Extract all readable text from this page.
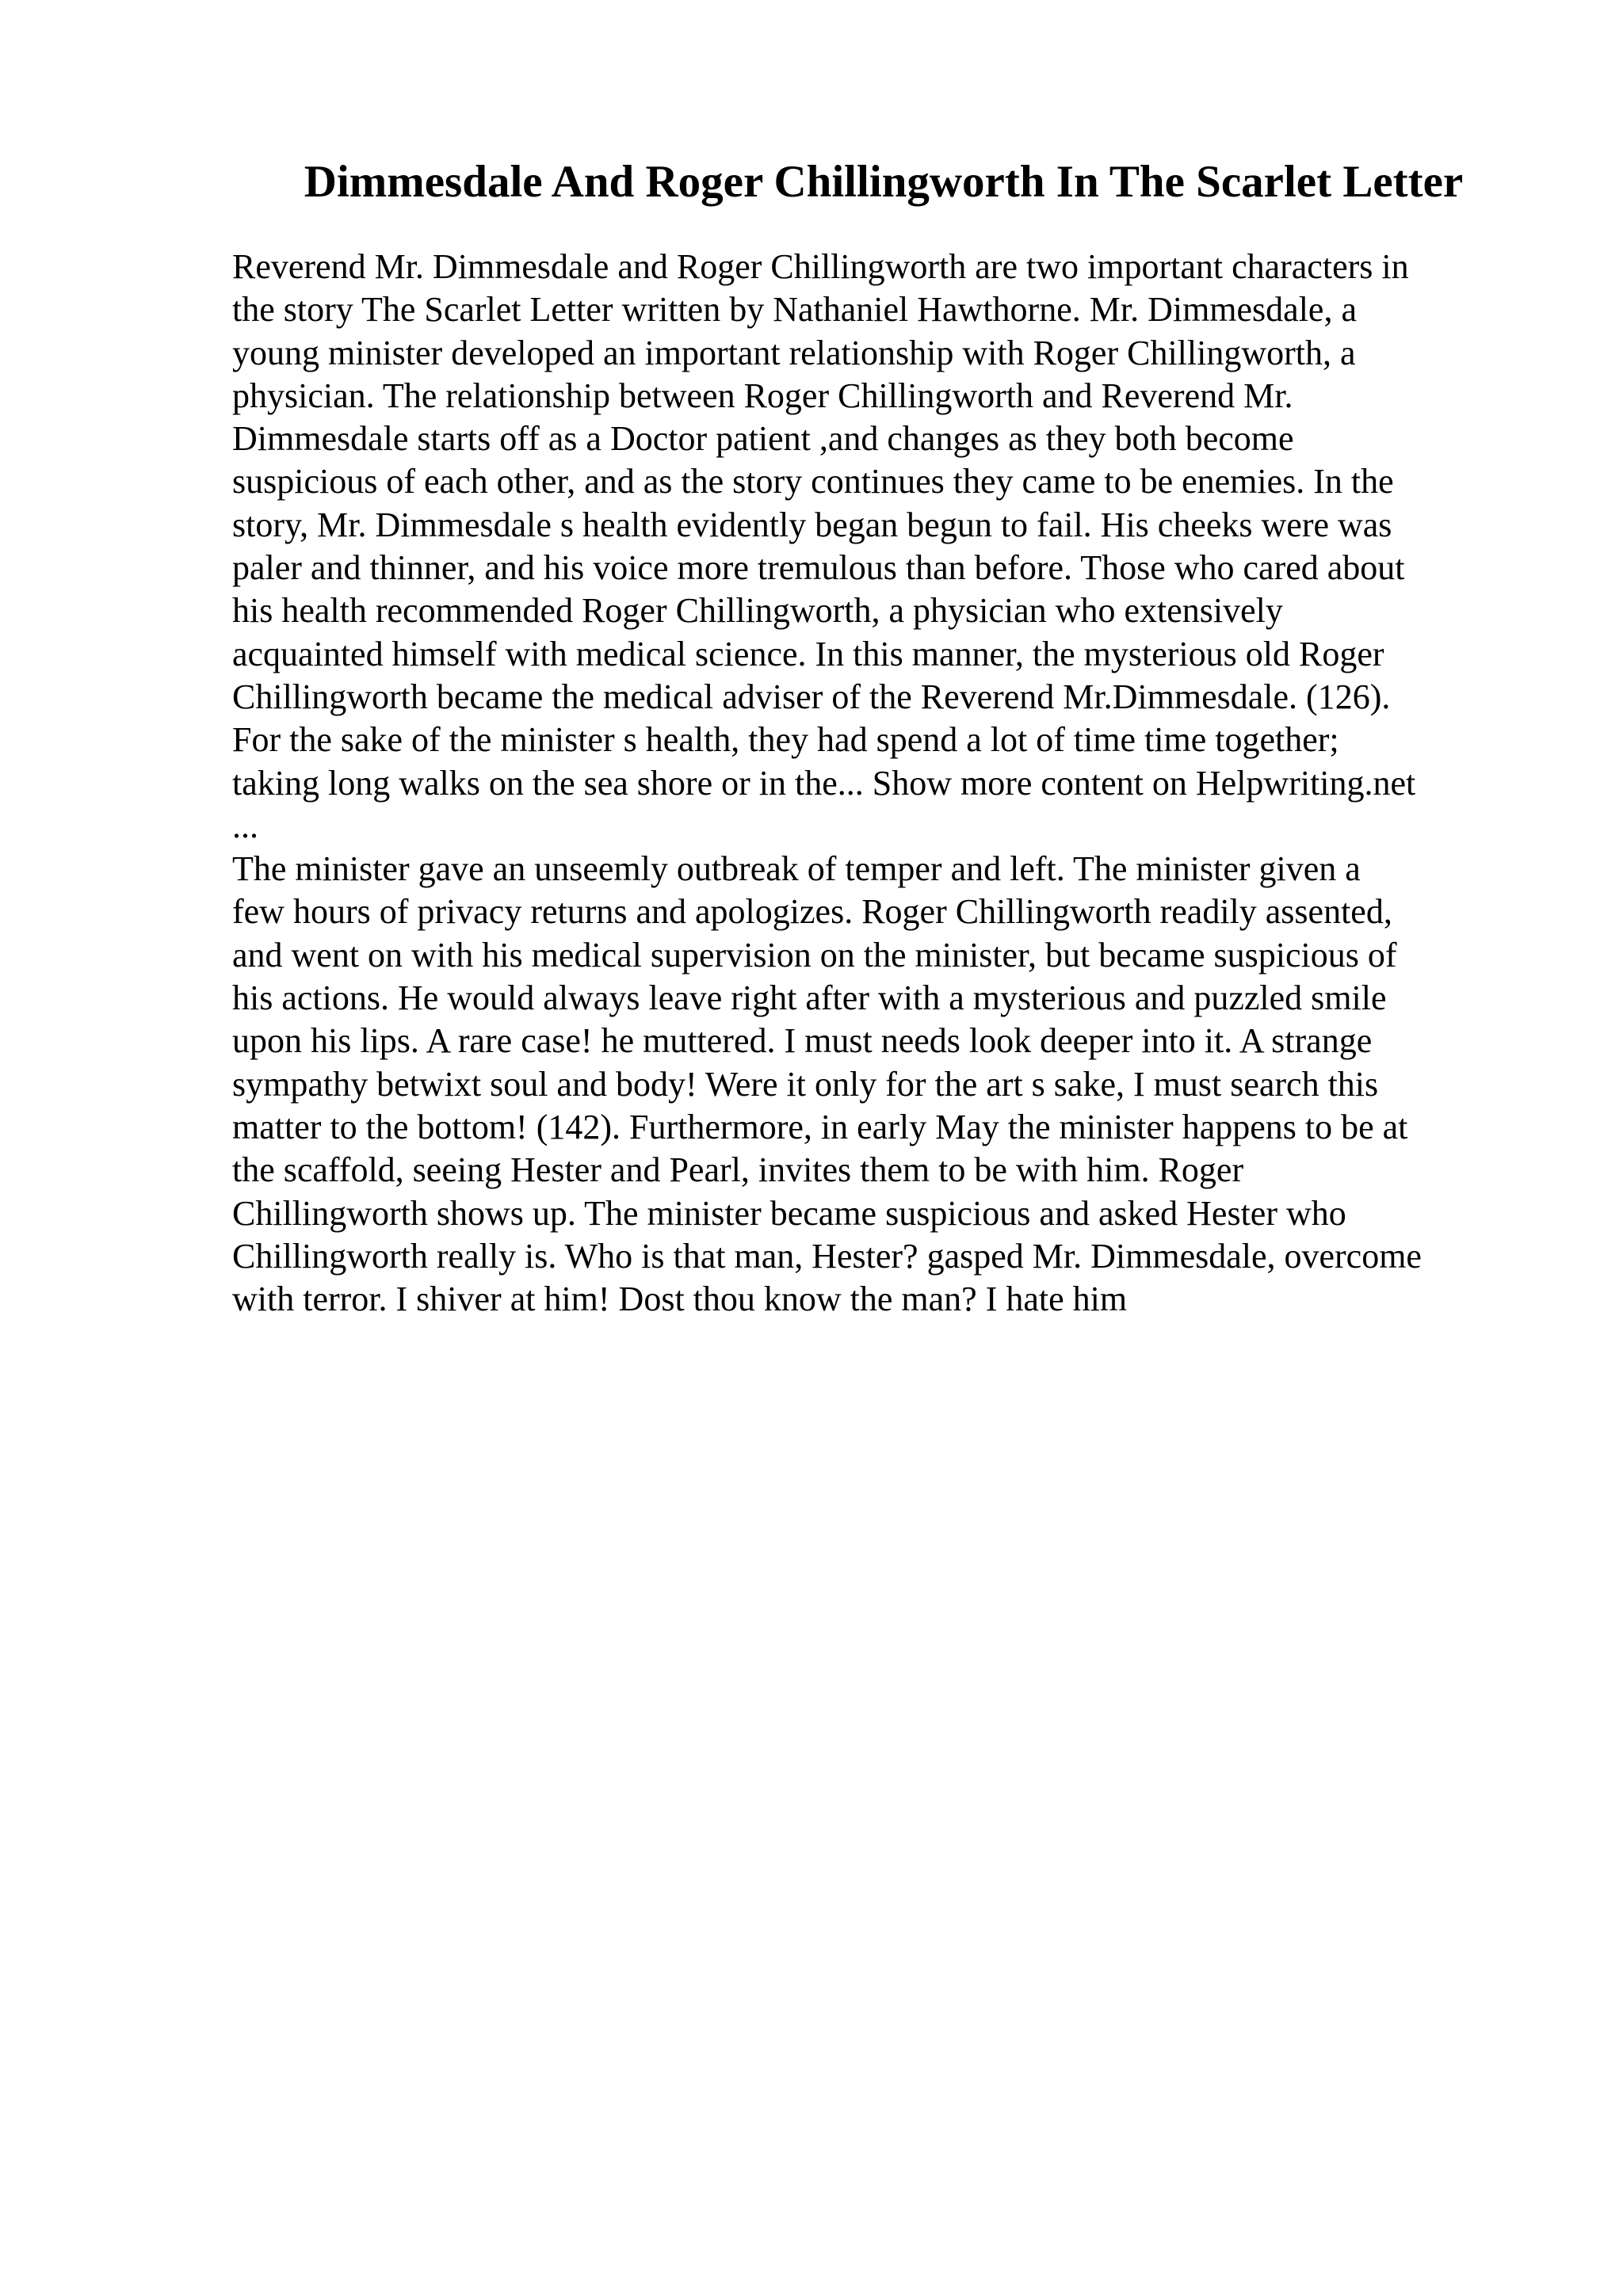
Dimmesdale And Roger Chillingworth In The Scarlet Letter
Reverend Mr. Dimmesdale and Roger Chillingworth are two important characters in
the story The Scarlet Letter written by Nathaniel Hawthorne. Mr. Dimmesdale, a
young minister developed an important relationship with Roger Chillingworth, a
physician. The relationship between Roger Chillingworth and Reverend Mr.
Dimmesdale starts off as a Doctor patient ,and changes as they both become
suspicious of each other, and as the story continues they came to be enemies. In the
story, Mr. Dimmesdale s health evidently began begun to fail. His cheeks were was
paler and thinner, and his voice more tremulous than before. Those who cared about
his health recommended Roger Chillingworth, a physician who extensively
acquainted himself with medical science. In this manner, the mysterious old Roger
Chillingworth became the medical adviser of the Reverend Mr.Dimmesdale. (126).
For the sake of the minister s health, they had spend a lot of time time together;
taking long walks on the sea shore or in the... Show more content on Helpwriting.net
...
The minister gave an unseemly outbreak of temper and left. The minister given a
few hours of privacy returns and apologizes. Roger Chillingworth readily assented,
and went on with his medical supervision on the minister, but became suspicious of
his actions. He would always leave right after with a mysterious and puzzled smile
upon his lips. A rare case! he muttered. I must needs look deeper into it. A strange
sympathy betwixt soul and body! Were it only for the art s sake, I must search this
matter to the bottom! (142). Furthermore, in early May the minister happens to be at
the scaffold, seeing Hester and Pearl, invites them to be with him. Roger
Chillingworth shows up. The minister became suspicious and asked Hester who
Chillingworth really is. Who is that man, Hester? gasped Mr. Dimmesdale, overcome
with terror. I shiver at him! Dost thou know the man? I hate him
